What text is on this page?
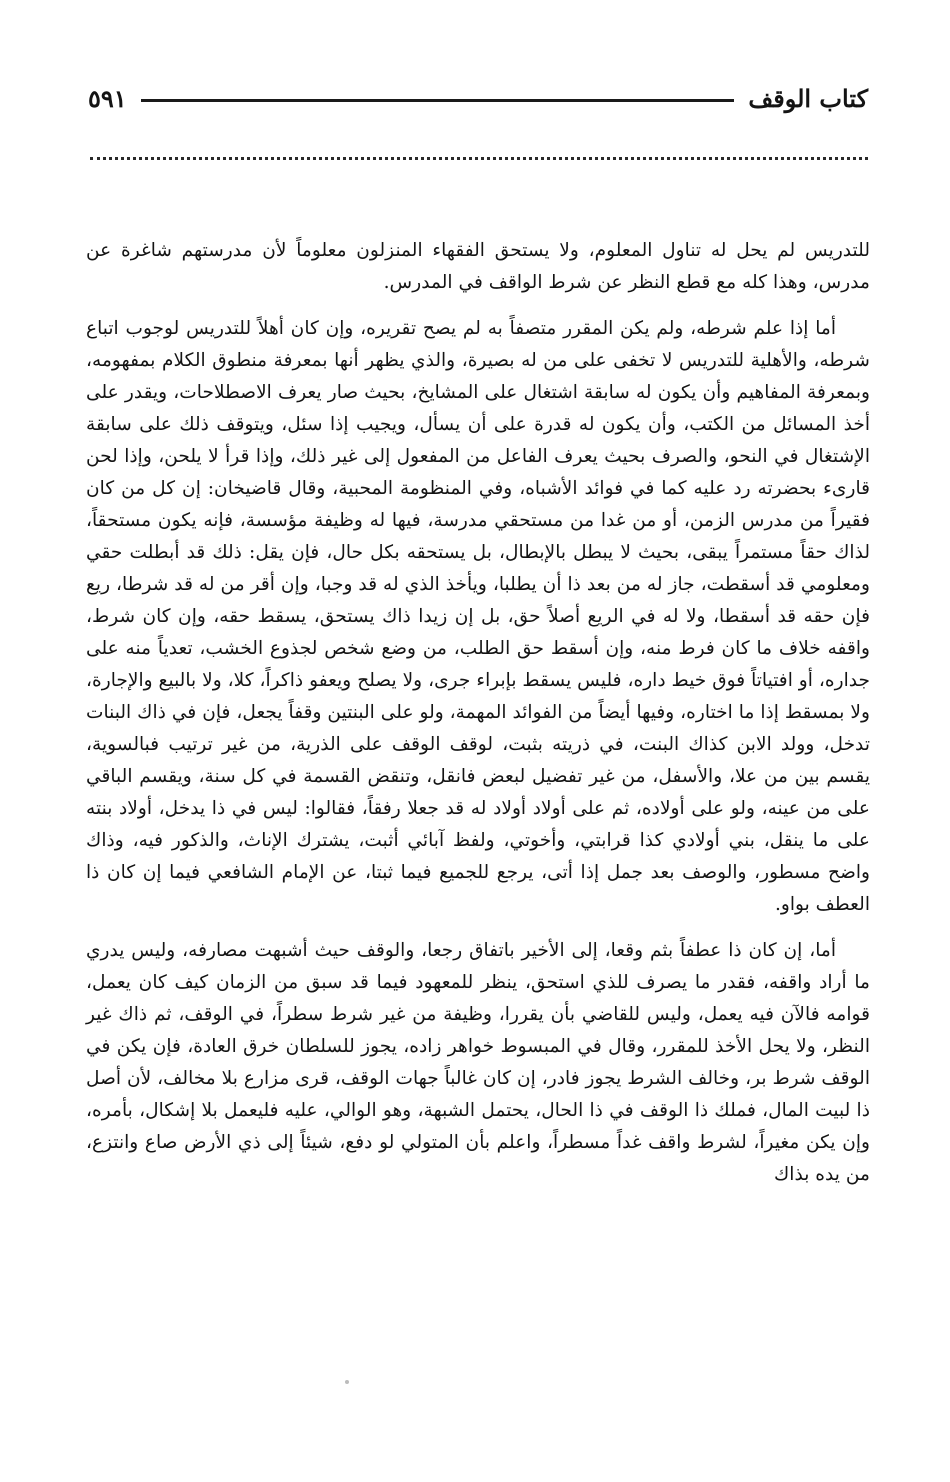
كتاب الوقف
٥٩١

للتدريس لم يحل له تناول المعلوم، ولا يستحق الفقهاء المنزلون معلوماً لأن مدرستهم شاغرة عن مدرس، وهذا كله مع قطع النظر عن شرط الواقف في المدرس.

أما إذا علم شرطه، ولم يكن المقرر متصفاً به لم يصح تقريره، وإن كان أهلاً للتدريس لوجوب اتباع شرطه، والأهلية للتدريس لا تخفى على من له بصيرة، والذي يظهر أنها بمعرفة منطوق الكلام بمفهومه، وبمعرفة المفاهيم وأن يكون له سابقة اشتغال على المشايخ، بحيث صار يعرف الاصطلاحات، ويقدر على أخذ المسائل من الكتب، وأن يكون له قدرة على أن يسأل، ويجيب إذا سئل، ويتوقف ذلك على سابقة الإشتغال في النحو، والصرف بحيث يعرف الفاعل من المفعول إلى غير ذلك، وإذا قرأ لا يلحن، وإذا لحن قارىء بحضرته رد عليه كما في فوائد الأشباه، وفي المنظومة المحبية، وقال قاضيخان: إن كل من كان فقيراً من مدرس الزمن، أو من غدا من مستحقي مدرسة، فيها له وظيفة مؤسسة، فإنه يكون مستحقاً، لذاك حقاً مستمراً يبقى، بحيث لا يبطل بالإبطال، بل يستحقه بكل حال، فإن يقل: ذلك قد أبطلت حقي ومعلومي قد أسقطت، جاز له من بعد ذا أن يطلبا، ويأخذ الذي له قد وجبا، وإن أقر من له قد شرطا، ريع فإن حقه قد أسقطا، ولا له في الريع أصلاً حق، بل إن زيدا ذاك يستحق، يسقط حقه، وإن كان شرط، واقفه خلاف ما كان فرط منه، وإن أسقط حق الطلب، من وضع شخص لجذوع الخشب، تعدياً منه على جداره، أو افتياتاً فوق خيط داره، فليس يسقط بإبراء جرى، ولا يصلح ويعفو ذاكراً، كلا، ولا بالبيع والإجارة، ولا بمسقط إذا ما اختاره، وفيها أيضاً من الفوائد المهمة، ولو على البنتين وقفاً يجعل، فإن في ذاك البنات تدخل، وولد الابن كذاك البنت، في ذريته بثبت، لوقف الوقف على الذرية، من غير ترتيب فبالسوية، يقسم بين من علا، والأسفل، من غير تفضيل لبعض فانقل، وتنقض القسمة في كل سنة، ويقسم الباقي على من عينه، ولو على أولاده، ثم على أولاد أولاد له قد جعلا رفقاً، فقالوا: ليس في ذا يدخل، أولاد بنته على ما ينقل، بني أولادي كذا قرابتي، وأخوتي، ولفظ آبائي أثبت، يشترك الإناث، والذكور فيه، وذاك واضح مسطور، والوصف بعد جمل إذا أتى، يرجع للجميع فيما ثبتا، عن الإمام الشافعي فيما إن كان ذا العطف بواو.

أما، إن كان ذا عطفاً بثم وقعا، إلى الأخير باتفاق رجعا، والوقف حيث أشبهت مصارفه، وليس يدري ما أراد واقفه، فقدر ما يصرف للذي استحق، ينظر للمعهود فيما قد سبق من الزمان كيف كان يعمل، قوامه فالآن فيه يعمل، وليس للقاضي بأن يقررا، وظيفة من غير شرط سطراً، في الوقف، ثم ذاك غير النظر، ولا يحل الأخذ للمقرر، وقال في المبسوط خواهر زاده، يجوز للسلطان خرق العادة، فإن يكن في الوقف شرط بر، وخالف الشرط يجوز فادر، إن كان غالباً جهات الوقف، قرى مزارع بلا مخالف، لأن أصل ذا لبيت المال، فملك ذا الوقف في ذا الحال، يحتمل الشبهة، وهو الوالي، عليه فليعمل بلا إشكال، بأمره، وإن يكن مغيراً، لشرط واقف غداً مسطراً، واعلم بأن المتولي لو دفع، شيئاً إلى ذي الأرض صاع وانتزع، من يده بذاك
